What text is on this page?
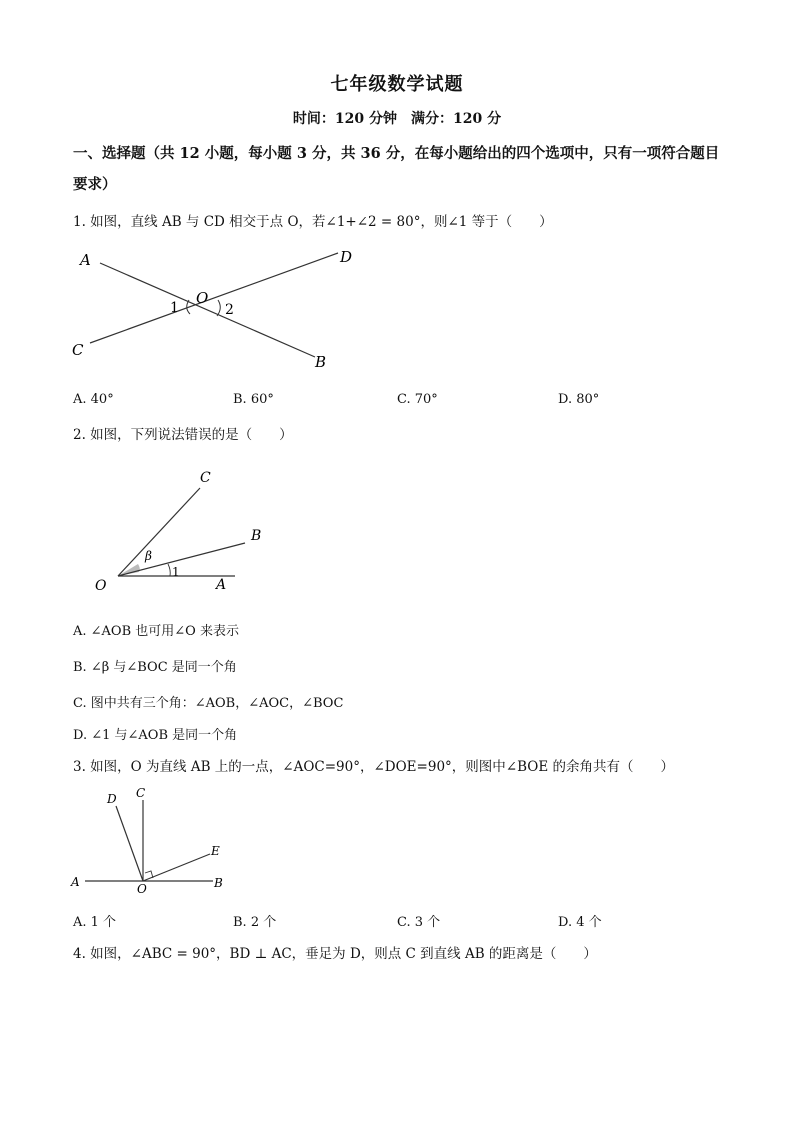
七年级数学试题
时间：120 分钟　满分：120 分
一、选择题（共 12 小题，每小题 3 分，共 36 分，在每小题给出的四个选项中，只有一项符合题目要求）
1. 如图，直线 AB 与 CD 相交于点 O，若∠1+∠2 = 80°，则∠1 等于（　　）
A	D
C
B
O
1	2
A. 40°	B. 60°	C. 70°	D. 80°
2. 如图，下列说法错误的是（　　）
O	A
B
C
β
1
A. ∠AOB 也可用∠O 来表示
B. ∠β 与∠BOC 是同一个角
C. 图中共有三个角：∠AOB，∠AOC，∠BOC
D. ∠1 与∠AOB 是同一个角
3. 如图，O 为直线 AB 上的一点，∠AOC=90°，∠DOE=90°，则图中∠BOE 的余角共有（　　）
A	B
C
D
E
O
A. 1 个	B. 2 个	C. 3 个	D. 4 个
4. 如图，∠ABC = 90°，BD ⊥ AC，垂足为 D，则点 C 到直线 AB 的距离是（　　）
